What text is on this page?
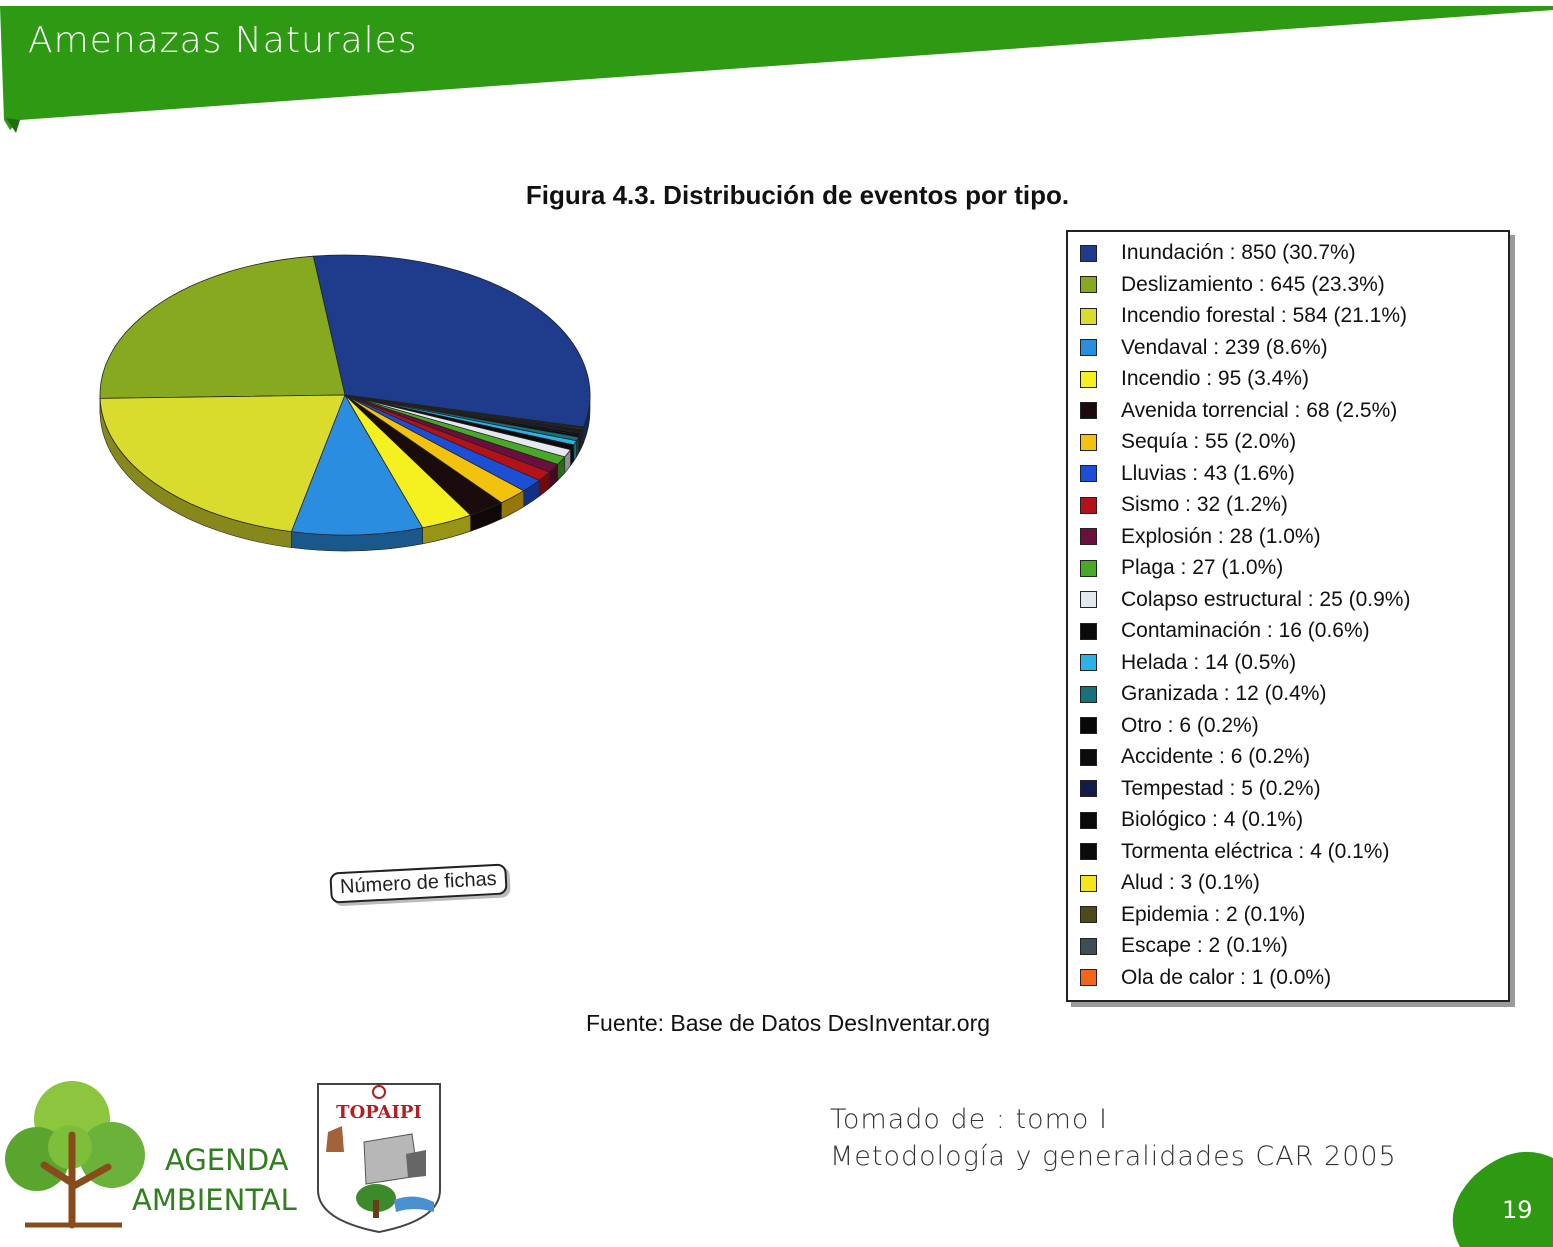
Amenazas Naturales
Figura 4.3. Distribución de eventos por tipo.
Inundación : 850 (30.7%)
Deslizamiento : 645 (23.3%)
Incendio forestal : 584 (21.1%)
Vendaval : 239 (8.6%)
Incendio : 95 (3.4%)
Avenida torrencial : 68 (2.5%)
Sequía : 55 (2.0%)
Lluvias : 43 (1.6%)
Sismo : 32 (1.2%)
Explosión : 28 (1.0%)
Plaga : 27 (1.0%)
Colapso estructural : 25 (0.9%)
Contaminación : 16 (0.6%)
Helada : 14 (0.5%)
Granizada : 12 (0.4%)
Otro : 6 (0.2%)
Accidente : 6 (0.2%)
Tempestad : 5 (0.2%)
Biológico : 4 (0.1%)
Tormenta eléctrica : 4 (0.1%)
Alud : 3 (0.1%)
Epidemia : 2 (0.1%)
Escape : 2 (0.1%)
Ola de calor : 1 (0.0%)
Número de fichas
Fuente: Base de Datos DesInventar.org
Tomado de : tomo I
Metodología y generalidades CAR 2005
AGENDA
AMBIENTAL
TOPAIPI
19
